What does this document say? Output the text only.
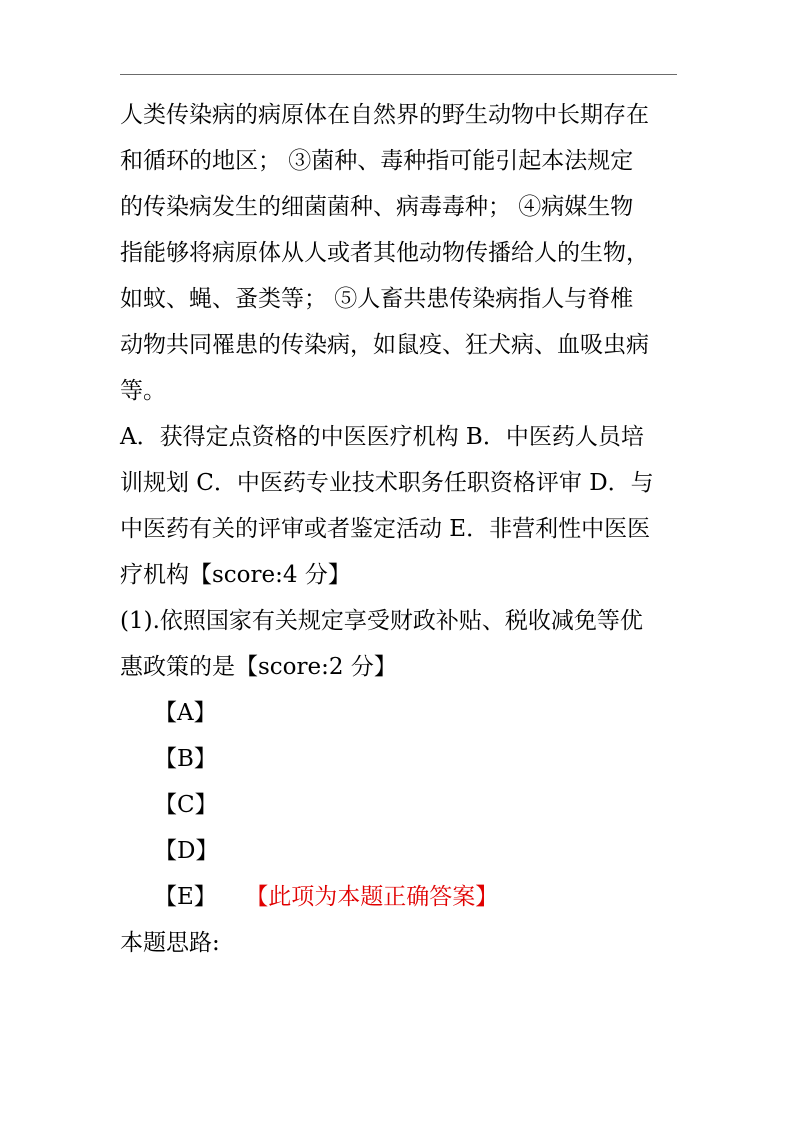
人类传染病的病原体在自然界的野生动物中长期存在
和循环的地区； ③菌种、毒种指可能引起本法规定
的传染病发生的细菌菌种、病毒毒种； ④病媒生物
指能够将病原体从人或者其他动物传播给人的生物，
如蚊、蝇、蚤类等； ⑤人畜共患传染病指人与脊椎
动物共同罹患的传染病，如鼠疫、狂犬病、血吸虫病
等。
A．获得定点资格的中医医疗机构 B．中医药人员培
训规划 C．中医药专业技术职务任职资格评审 D．与
中医药有关的评审或者鉴定活动 E．非营利性中医医
疗机构【score:4 分】
(1).依照国家有关规定享受财政补贴、税收减免等优
惠政策的是【score:2 分】
【A】
【B】
【C】
【D】
【E】 【此项为本题正确答案】
本题思路:
